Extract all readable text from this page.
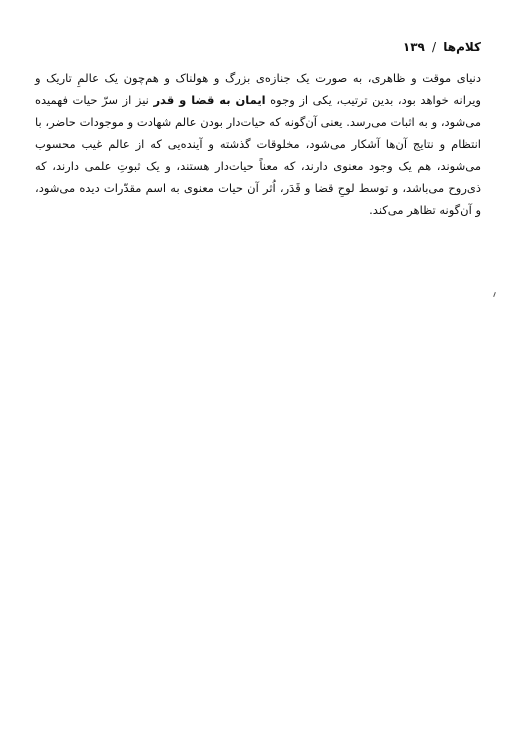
کلام‌ها / ۱۳۹
دنیای موقت و ظاهری، به صورت یک جنازه‌ی بزرگ و هولناک و هم‌چون یک عالمِ تاریک و ویرانه خواهد بود، بدین ترتیب، یکی از وجوه ایمان به قضا و قدر نیز از سرّ حیات فهمیده می‌شود، و به اثبات می‌رسد. یعنی آن‌گونه که حیات‌دار بودن عالم شهادت و موجودات حاضر، با انتظام و نتایج آن‌ها آشکار می‌شود، مخلوقات گذشته و آینده‌یی که از عالم غیب محسوب می‌شوند، هم یک وجود معنوی دارند، که معناً حیات‌دار هستند، و یک ثبوتِ علمی دارند، که ذی‌روح می‌باشد، و توسط لوحِ قضا و قَدَر، اُثر آن حیات معنوی به اسم مقدّرات دیده می‌شود، و آن‌گونه تظاهر می‌کند.
